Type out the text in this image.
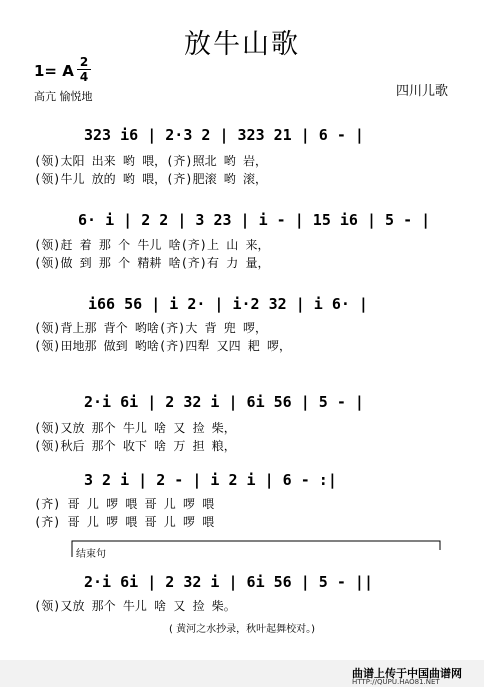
放牛山歌
1= A 2
4
高亢 愉悦地	四川儿歌
323 i6 | 2·3 2 | 323 21 | 6 - |
(领)太阳 出来 哟 喂，(齐)照北 哟 岩，
(领)牛儿 放的 哟 喂，(齐)肥滚 哟 滚，
6· i | 2 2 | 3 23 | i - | 15 i6 | 5 - |
(领)赶 着 那 个 牛儿 啥(齐)上 山 来，
(领)做 到 那 个 精耕 啥(齐)有 力 量，
i66 56 | i 2· | i·2 32 | i 6· |
(领)背上那 背个 哟啥(齐)大 背 兜 啰，
(领)田地那 做到 哟啥(齐)四犁 又四 耙 啰，
2·i 6i | 2 32 i | 6i 56 | 5 - |
(领)又放 那个 牛儿 啥 又 捡 柴，
(领)秋后 那个 收下 啥 万 担 粮，
3 2 i | 2 - | i 2 i | 6 - :|
(齐) 哥 儿 啰 喂 哥 儿 啰 喂
(齐) 哥 儿 啰 喂 哥 儿 啰 喂
结束句
2·i 6i | 2 32 i | 6i 56 | 5 - ||
(领)又放 那个 牛儿 啥 又 捡 柴。
( 黄河之水抄录，秋叶起舞校对。)
曲谱上传于中国曲谱网
HTTP://QUPU.HAO81.NET
